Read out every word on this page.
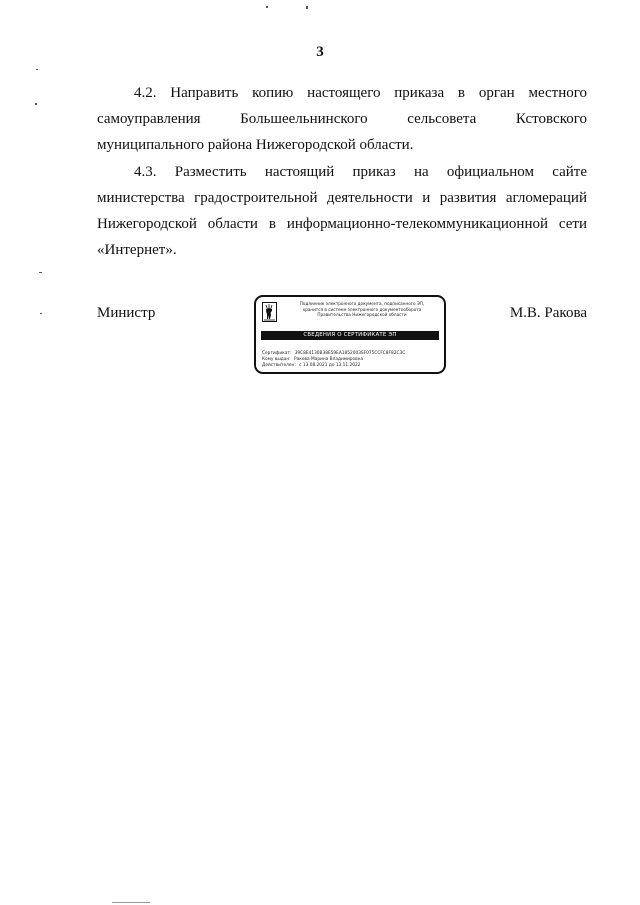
3

4.2. Направить копию настоящего приказа в орган местного самоуправления Большеельнинского сельсовета Кстовского муниципального района Нижегородской области.

4.3. Разместить настоящий приказ на официальном сайте министерства градостроительной деятельности и развития агломераций Нижегородской области в информационно-телекоммуникационной сети «Интернет».

Министр
Подлинник электронного документа, подписанного ЭП,
хранится в системе электронного документооборота
Правительства Нижегородской области
СВЕДЕНИЯ О СЕРТИФИКАТЕ ЭП
Сертификат: 39C8E4130B38E59EA1852003SF075CCFC8F82C3C
Кому выдан: Ракова Марина Владимировна
Действителен: с 13.08.2021 до 13.11.2022
М.В. Ракова
